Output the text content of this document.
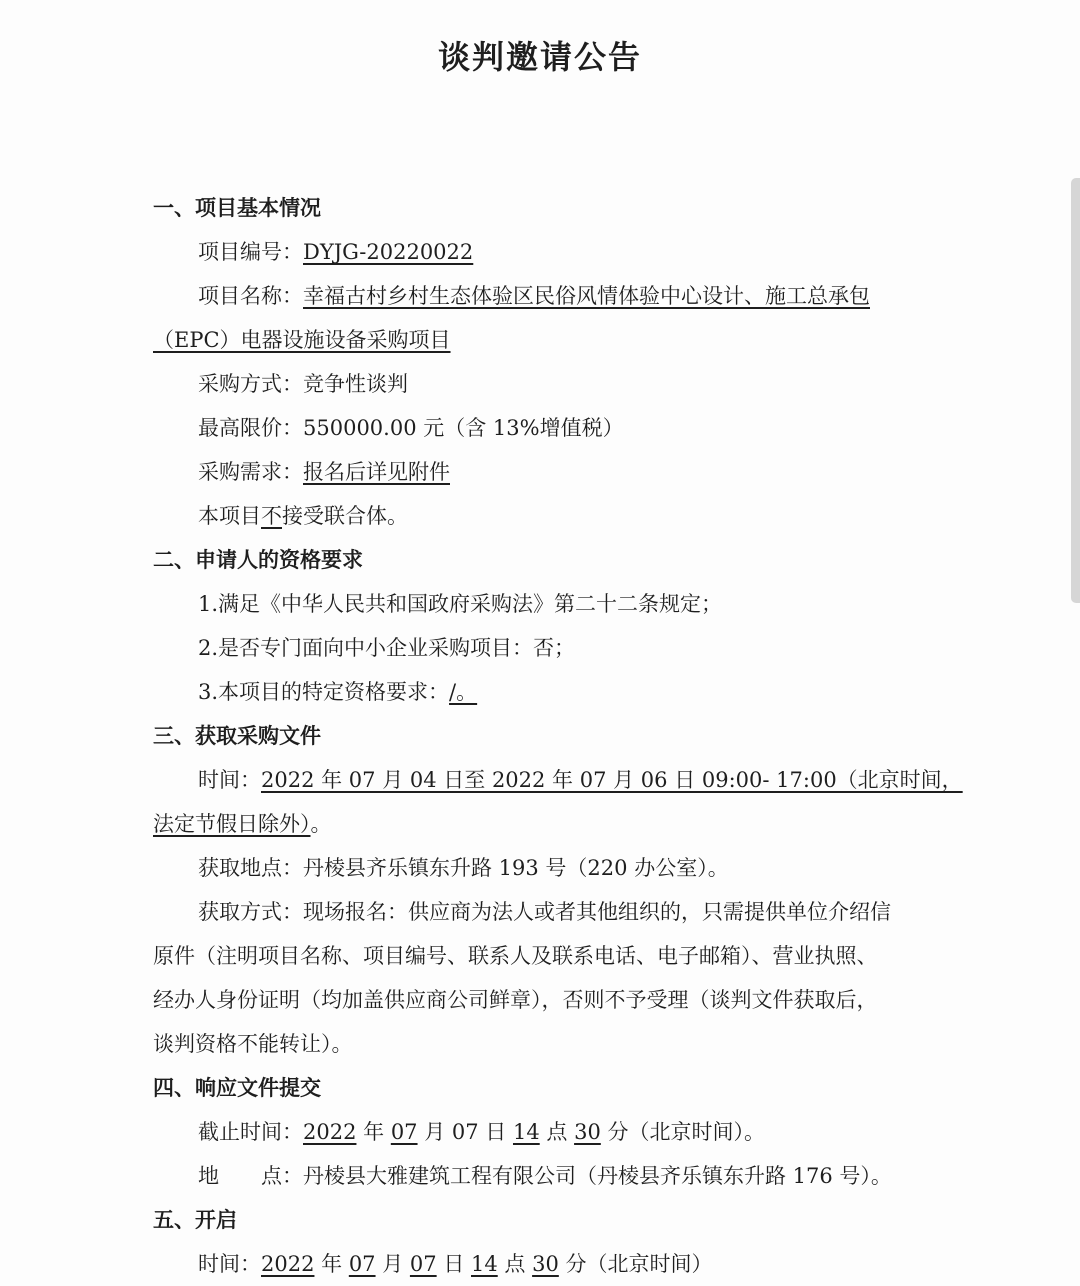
谈判邀请公告
一、项目基本情况
项目编号：DYJG-20220022
项目名称：幸福古村乡村生态体验区民俗风情体验中心设计、施工总承包
（EPC）电器设施设备采购项目
采购方式：竞争性谈判
最高限价：550000.00 元（含 13%增值税）
采购需求：报名后详见附件
本项目不接受联合体。
二、申请人的资格要求
1.满足《中华人民共和国政府采购法》第二十二条规定；
2.是否专门面向中小企业采购项目：否；
3.本项目的特定资格要求：/。
三、获取采购文件
时间：2022 年 07 月 04 日至 2022 年 07 月 06 日 09:00- 17:00（北京时间，
法定节假日除外）。
获取地点：丹棱县齐乐镇东升路 193 号（220 办公室）。
获取方式：现场报名：供应商为法人或者其他组织的，只需提供单位介绍信
原件（注明项目名称、项目编号、联系人及联系电话、电子邮箱）、营业执照、
经办人身份证明（均加盖供应商公司鲜章），否则不予受理（谈判文件获取后，
谈判资格不能转让）。
四、响应文件提交
截止时间：2022 年 07 月 07 日 14 点 30 分（北京时间）。
地　　点：丹棱县大雅建筑工程有限公司（丹棱县齐乐镇东升路 176 号）。
五、开启
时间：2022 年 07 月 07 日 14 点 30 分（北京时间）
